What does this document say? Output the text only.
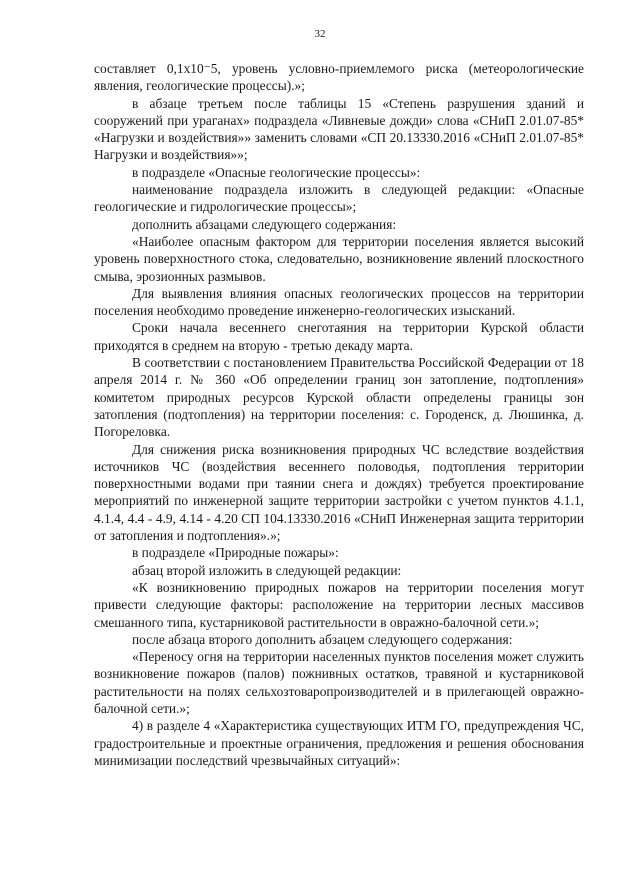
32

составляет 0,1x10⁻5, уровень условно-приемлемого риска (метеорологические явления, геологические процессы).»;

в абзаце третьем после таблицы 15 «Степень разрушения зданий и сооружений при ураганах» подраздела «Ливневые дожди» слова «СНиП 2.01.07-85* «Нагрузки и воздействия»» заменить словами «СП 20.13330.2016 «СНиП 2.01.07-85* Нагрузки и воздействия»»;

в подразделе «Опасные геологические процессы»:

наименование подраздела изложить в следующей редакции: «Опасные геологические и гидрологические процессы»;

дополнить абзацами следующего содержания:

«Наиболее опасным фактором для территории поселения является высокий уровень поверхностного стока, следовательно, возникновение явлений плоскостного смыва, эрозионных размывов.

Для выявления влияния опасных геологических процессов на территории поселения необходимо проведение инженерно-геологических изысканий.

Сроки начала весеннего снеготаяния на территории Курской области приходятся в среднем на вторую - третью декаду марта.

В соответствии с постановлением Правительства Российской Федерации от 18 апреля 2014 г. № 360 «Об определении границ зон затопление, подтопления» комитетом природных ресурсов Курской области определены границы зон затопления (подтопления) на территории поселения: с. Городенск, д. Люшинка, д. Погореловка.

Для снижения риска возникновения природных ЧС вследствие воздействия источников ЧС (воздействия весеннего половодья, подтопления территории поверхностными водами при таянии снега и дождях) требуется проектирование мероприятий по инженерной защите территории застройки с учетом пунктов 4.1.1, 4.1.4, 4.4 - 4.9, 4.14 - 4.20 СП 104.13330.2016 «СНиП Инженерная защита территории от затопления и подтопления».»;

в подразделе «Природные пожары»:

абзац второй изложить в следующей редакции:

«К возникновению природных пожаров на территории поселения могут привести следующие факторы: расположение на территории лесных массивов смешанного типа, кустарниковой растительности в овражно-балочной сети.»;

после абзаца второго дополнить абзацем следующего содержания:

«Переносу огня на территории населенных пунктов поселения может служить возникновение пожаров (палов) пожнивных остатков, травяной и кустарниковой растительности на полях сельхозтоваропроизводителей и в прилегающей овражно-балочной сети.»;

4) в разделе 4 «Характеристика существующих ИТМ ГО, предупреждения ЧС, градостроительные и проектные ограничения, предложения и решения обоснования минимизации последствий чрезвычайных ситуаций»:
